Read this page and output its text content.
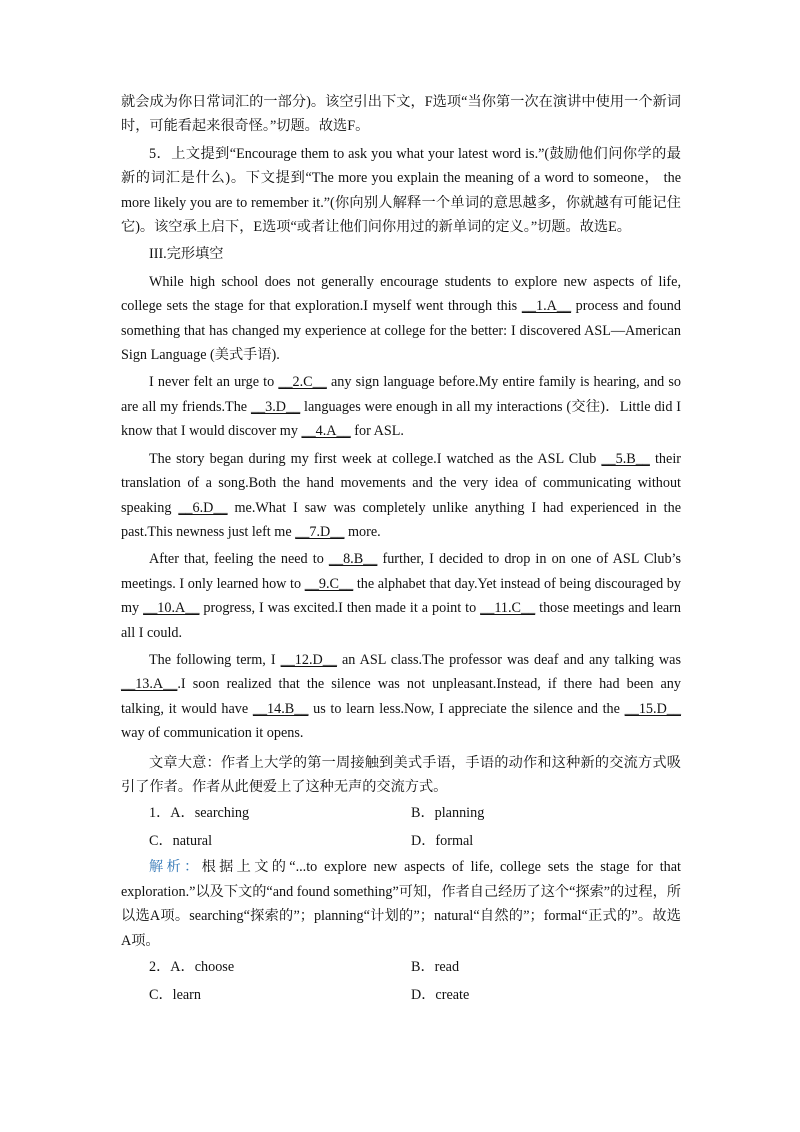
就会成为你日常词汇的一部分)。该空引出下文，F选项“当你第一次在演讲中使用一个新词时，可能看起来很奇怪。”切题。故选F。

5．上文提到“Encourage them to ask you what your latest word is.”(鼓励他们问你学的最新的词汇是什么)。下文提到“The more you explain the meaning of a word to someone， the more likely you are to remember it.”(你向别人解释一个单词的意思越多，你就越有可能记住它)。该空承上启下，E选项“或者让他们问你用过的新单词的定义。”切题。故选E。

III.完形填空

While high school does not generally encourage students to explore new aspects of life, college sets the stage for that exploration.I myself went through this __1.A__ process and found something that has changed my experience at college for the better: I discovered ASL—American Sign Language (美式手语).

I never felt an urge to __2.C__ any sign language before.My entire family is hearing, and so are all my friends.The __3.D__ languages were enough in all my interactions (交往)．Little did I know that I would discover my __4.A__ for ASL.

The story began during my first week at college.I watched as the ASL Club __5.B__ their translation of a song.Both the hand movements and the very idea of communicating without speaking __6.D__ me.What I saw was completely unlike anything I had experienced in the past.This newness just left me __7.D__ more.

After that, feeling the need to __8.B__ further, I decided to drop in on one of ASL Club’s meetings. I only learned how to __9.C__ the alphabet that day.Yet instead of being discouraged by my __10.A__ progress, I was excited.I then made it a point to __11.C__ those meetings and learn all I could.

The following term, I __12.D__ an ASL class.The professor was deaf and any talking was __13.A__.I soon realized that the silence was not unpleasant.Instead, if there had been any talking, it would have __14.B__ us to learn less.Now, I appreciate the silence and the __15.D__ way of communication it opens.

文章大意：作者上大学的第一周接触到美式手语，手语的动作和这种新的交流方式吸引了作者。作者从此便爱上了这种无声的交流方式。

1．A．searching	B．planning
C．natural	D．formal

解析：根据上文的“...to explore new aspects of life, college sets the stage for that exploration.”以及下文的“and found something”可知，作者自己经历了这个“探索”的过程，所以选A项。searching“探索的”；planning“计划的”；natural“自然的”；formal“正式的”。故选A项。

2．A．choose	B．read
C．learn	D．create
